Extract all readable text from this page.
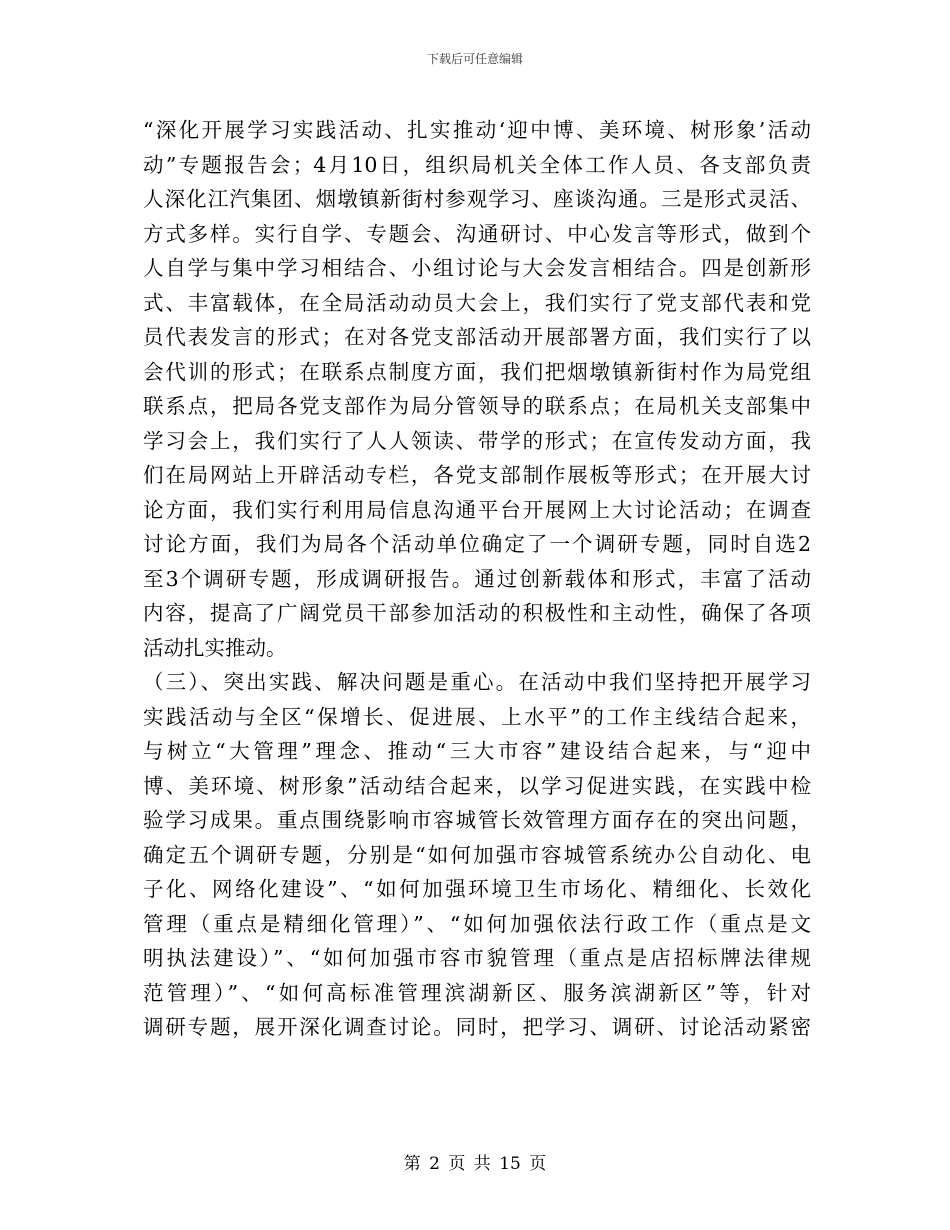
下载后可任意编辑
“深化开展学习实践活动、扎实推动‘迎中博、美环境、树形象’活动
动”专题报告会；4月10日，组织局机关全体工作人员、各支部负责
人深化江汽集团、烟墩镇新街村参观学习、座谈沟通。三是形式灵活、
方式多样。实行自学、专题会、沟通研讨、中心发言等形式，做到个
人自学与集中学习相结合、小组讨论与大会发言相结合。四是创新形
式、丰富载体，在全局活动动员大会上，我们实行了党支部代表和党
员代表发言的形式；在对各党支部活动开展部署方面，我们实行了以
会代训的形式；在联系点制度方面，我们把烟墩镇新街村作为局党组
联系点，把局各党支部作为局分管领导的联系点；在局机关支部集中
学习会上，我们实行了人人领读、带学的形式；在宣传发动方面，我
们在局网站上开辟活动专栏，各党支部制作展板等形式；在开展大讨
论方面，我们实行利用局信息沟通平台开展网上大讨论活动；在调查
讨论方面，我们为局各个活动单位确定了一个调研专题，同时自选2
至3个调研专题，形成调研报告。通过创新载体和形式，丰富了活动
内容，提高了广阔党员干部参加活动的积极性和主动性，确保了各项
活动扎实推动。
（三）、突出实践、解决问题是重心。在活动中我们坚持把开展学习
实践活动与全区“保增长、促进展、上水平”的工作主线结合起来，
与树立“大管理”理念、推动“三大市容”建设结合起来，与“迎中
博、美环境、树形象”活动结合起来，以学习促进实践，在实践中检
验学习成果。重点围绕影响市容城管长效管理方面存在的突出问题，
确定五个调研专题，分别是“如何加强市容城管系统办公自动化、电
子化、网络化建设”、“如何加强环境卫生市场化、精细化、长效化
管理（重点是精细化管理）”、“如何加强依法行政工作（重点是文
明执法建设）”、“如何加强市容市貌管理（重点是店招标牌法律规
范管理）”、“如何高标准管理滨湖新区、服务滨湖新区”等，针对
调研专题，展开深化调查讨论。同时，把学习、调研、讨论活动紧密
第 2 页 共 15 页
